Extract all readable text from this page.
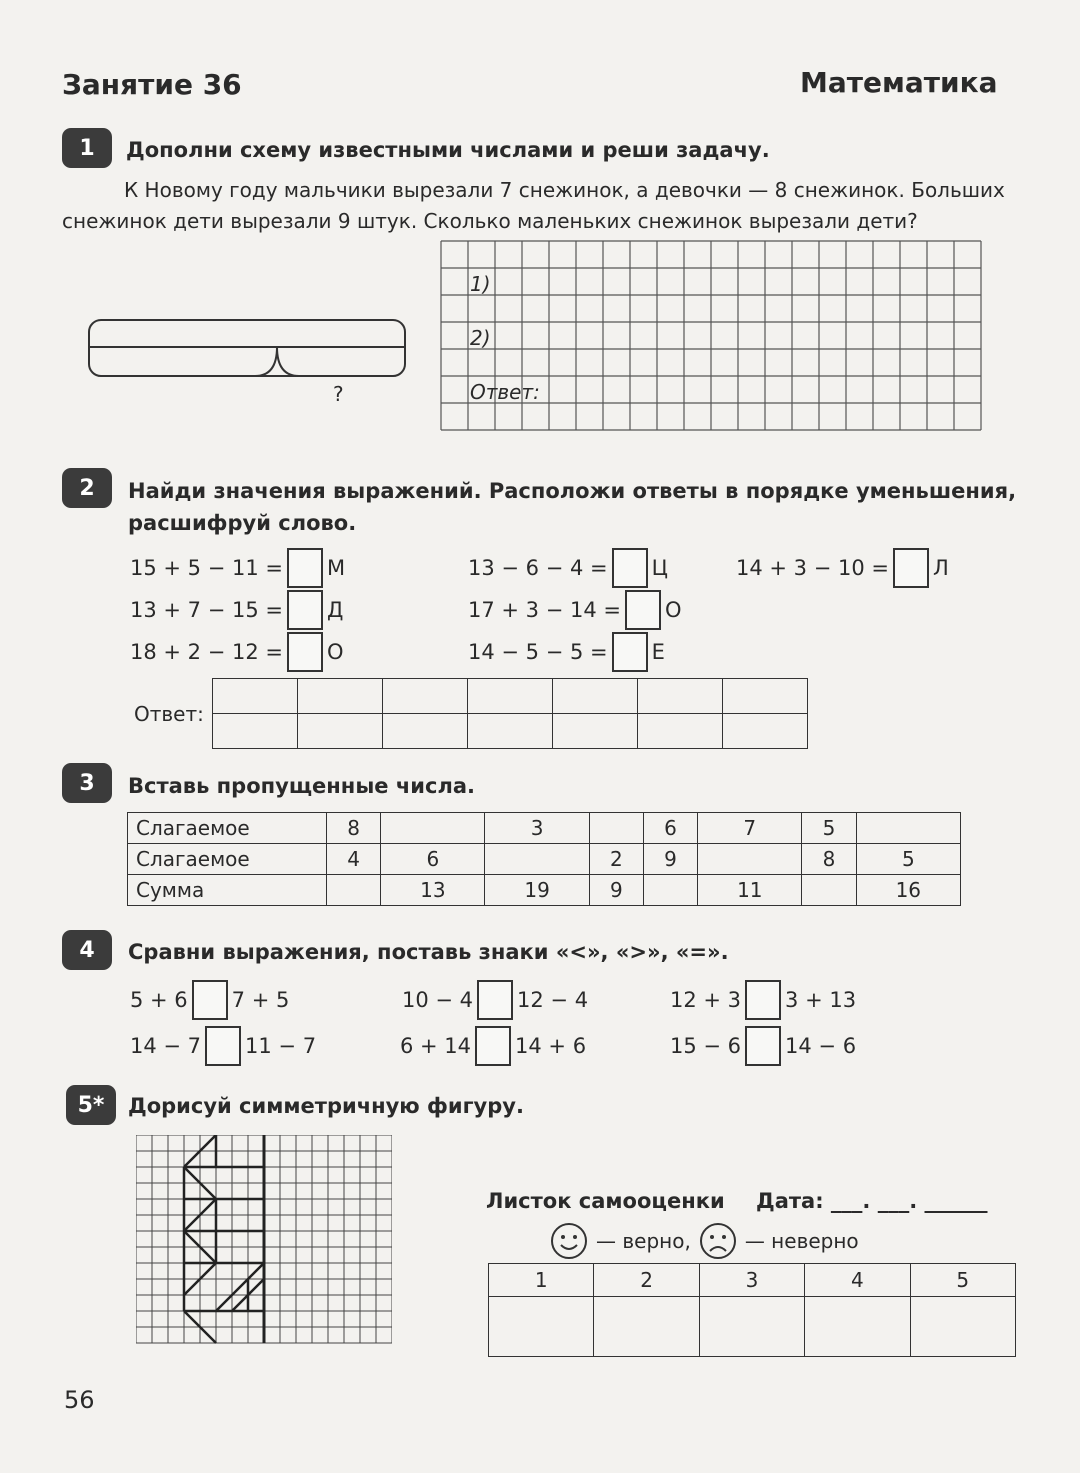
Занятие 36	Математика
1	Дополни схему известными числами и реши задачу.
К Новому году мальчики вырезали 7 снежинок, а девочки — 8 снежинок. Больших
снежинок дети вырезали 9 штук. Сколько маленьких снежинок вырезали дети?
?
1)
2)
Ответ:
2	Найди значения выражений. Расположи ответы в порядке уменьшения,
расшифруй слово.
15 + 5 − 11 = М	13 − 6 − 4 = Ц	14 + 3 − 10 = Л
13 + 7 − 15 = Д	17 + 3 − 14 = О
18 + 2 − 12 = О	14 − 5 − 5 = Е
Ответ:

3	Вставь пропущенные числа.
Слагаемое	8		3		6	7	5	
Слагаемое	4	6		2	9		8	5
Сумма		13	19	9		11		16
4	Сравни выражения, поставь знаки «<», «>», «=».
5 + 6 7 + 5	10 − 4 12 − 4	12 + 3 3 + 13
14 − 7 11 − 7	6 + 14 14 + 6	15 − 6 14 − 6
5*	Дорисуй симметричную фигуру.
Листок самооценки Дата: ___. ___. ______
— верно,	— неверно
1	2	3	4	5

56
